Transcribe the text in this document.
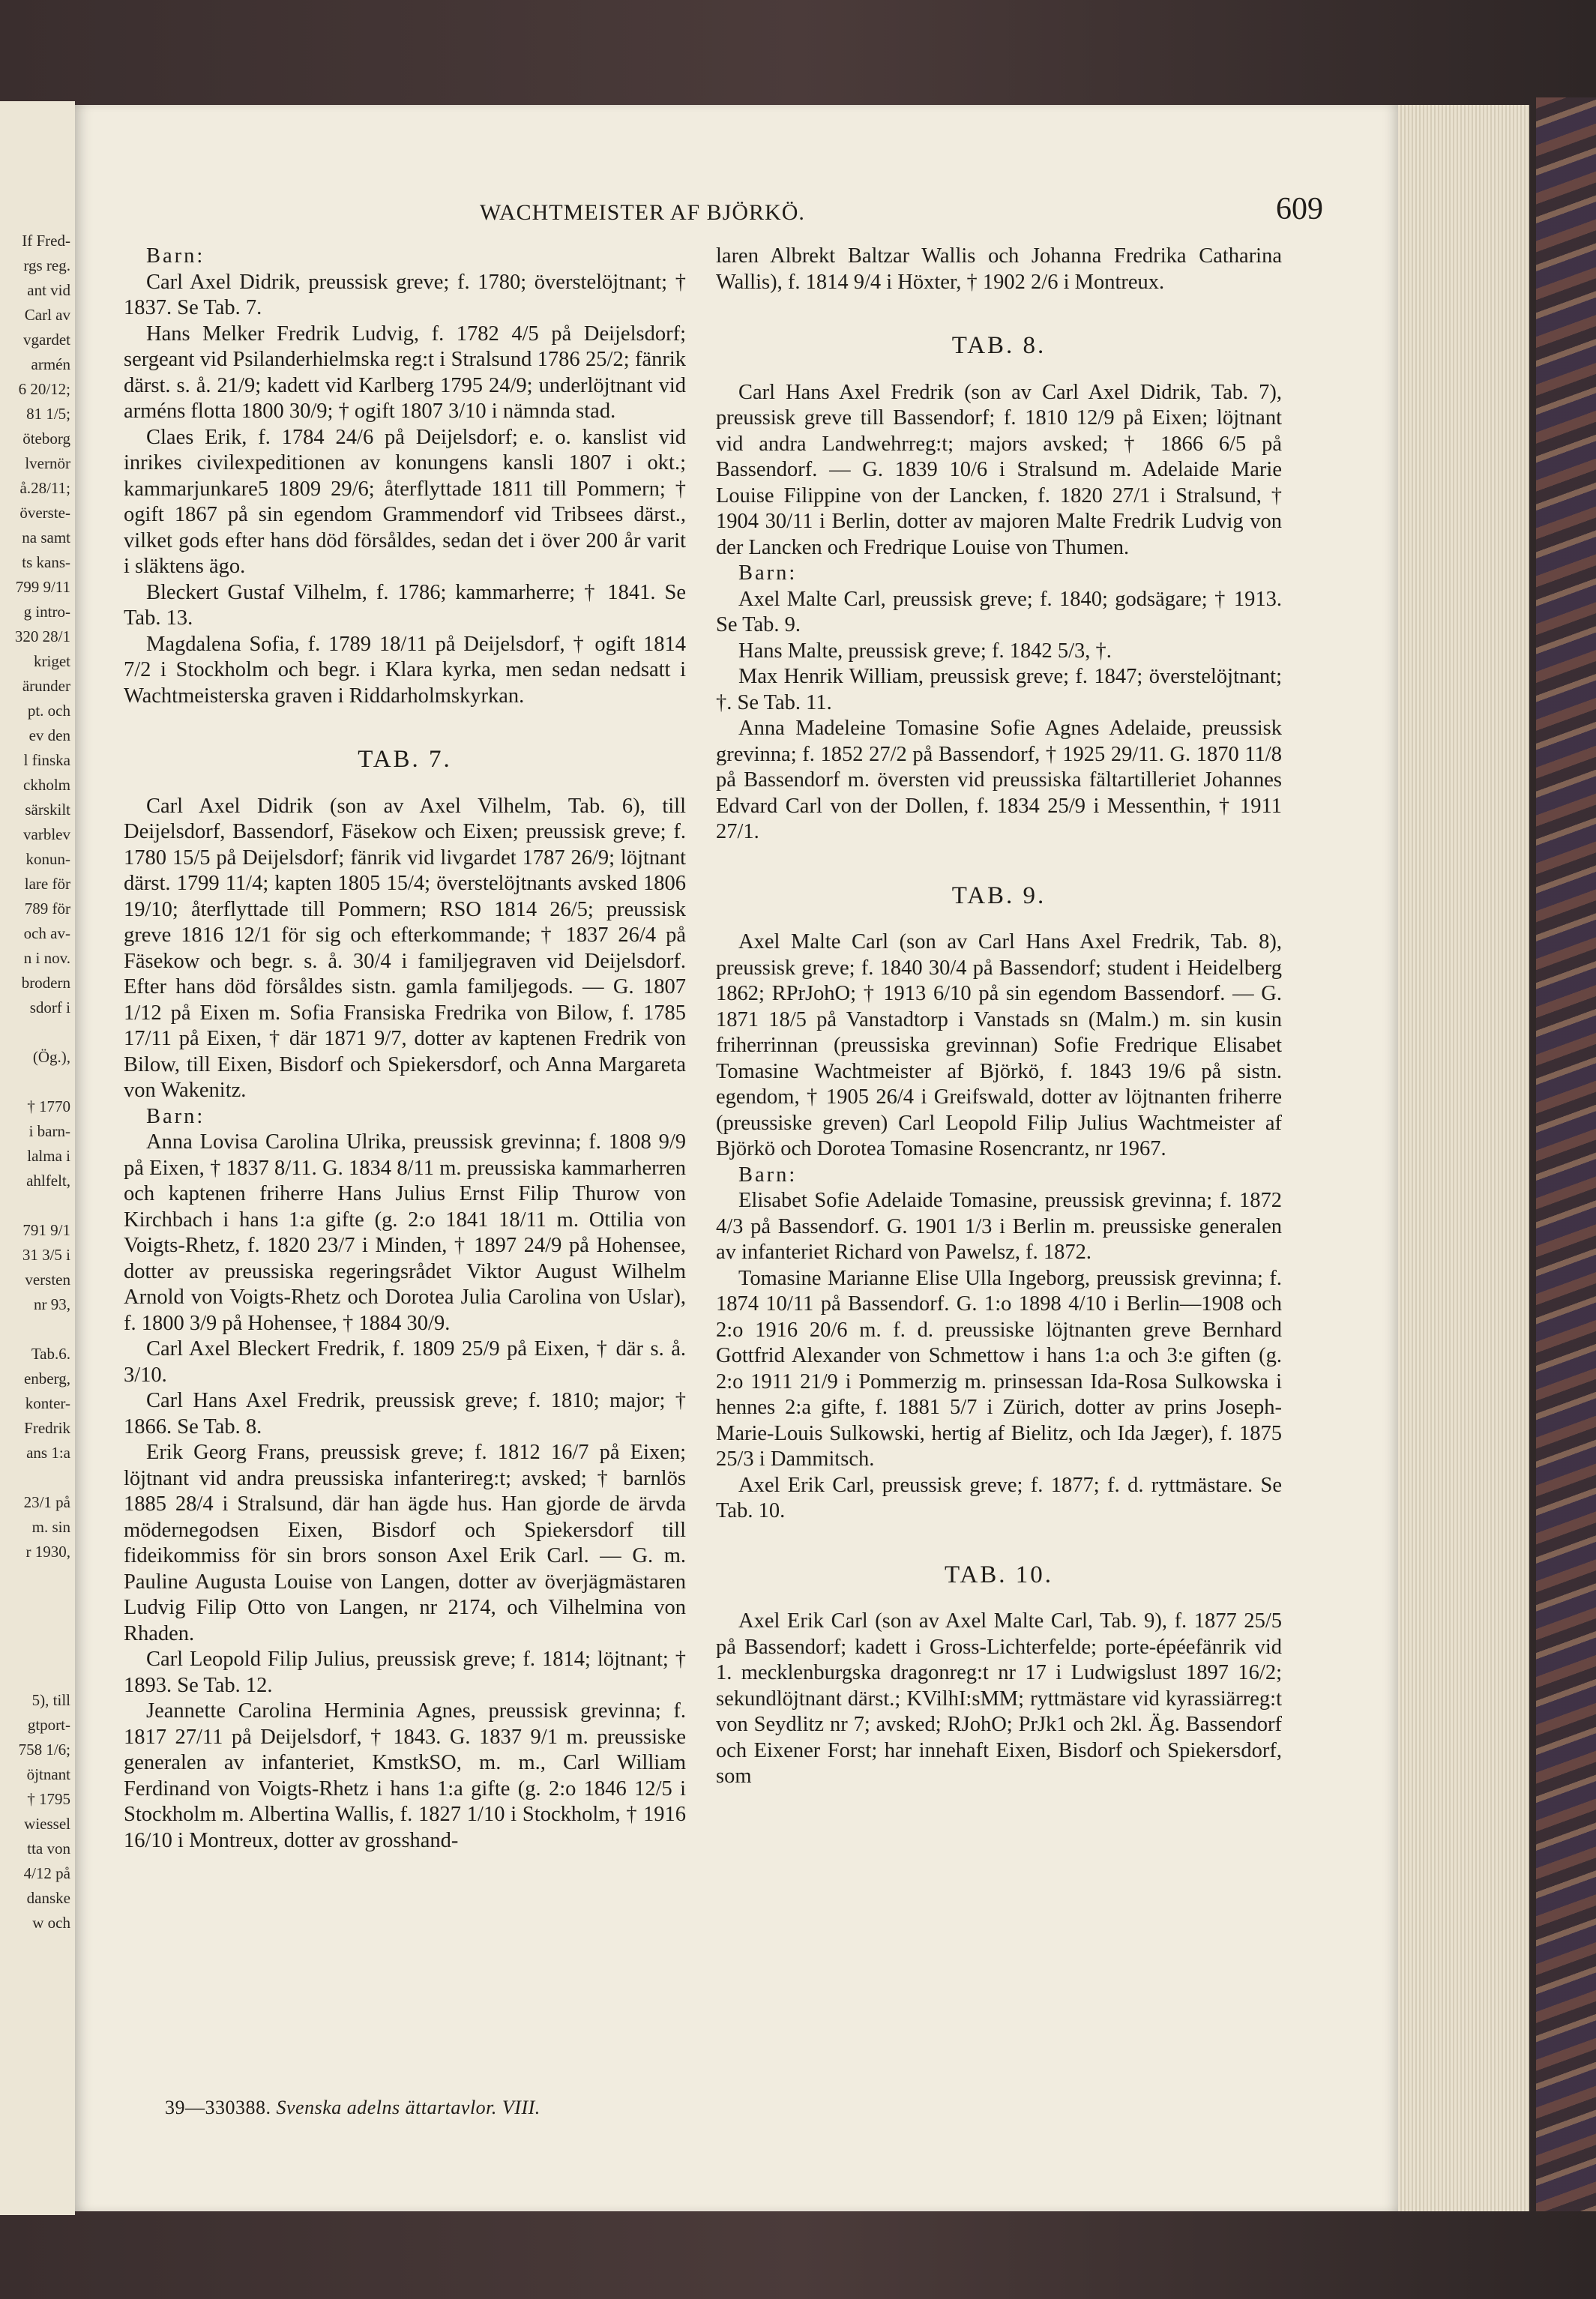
If Fred-
rgs reg.
ant vid
Carl av
vgardet
armén
6 20/12;
81 1/5;
öteborg
lvernör
å.28/11;
överste-
na samt
ts kans-
799 9/11
g intro-
320 28/1
kriget
ärunder
pt. och
ev den
l finska
ckholm
särskilt
varblev
konun-
lare för
789 för
och av-
n i nov.
brodern
sdorf i

(Ög.),

† 1770
i barn-
lalma i
ahlfelt,

791 9/1
31 3/5 i
versten
nr 93,

Tab.6.
enberg,
konter-
Fredrik
ans 1:a

23/1 på
m. sin
r 1930,

5), till
gtport-
758 1/6;
öjtnant
† 1795
wiessel
tta von
4/12 på
danske
w och
WACHTMEISTER AF BJÖRKÖ.	609

Barn:

Carl Axel Didrik, preussisk greve; f. 1780; överstelöjtnant; † 1837. Se Tab. 7.

Hans Melker Fredrik Ludvig, f. 1782 4/5 på Deijelsdorf; sergeant vid Psilanderhielmska reg:t i Stralsund 1786 25/2; fänrik därst. s. å. 21/9; kadett vid Karlberg 1795 24/9; underlöjtnant vid arméns flotta 1800 30/9; † ogift 1807 3/10 i nämnda stad.

Claes Erik, f. 1784 24/6 på Deijelsdorf; e. o. kanslist vid inrikes civilexpeditionen av konungens kansli 1807 i okt.; kammarjunkare5 1809 29/6; återflyttade 1811 till Pommern; † ogift 1867 på sin egendom Grammendorf vid Tribsees därst., vilket gods efter hans död försåldes, sedan det i över 200 år varit i släktens ägo.

Bleckert Gustaf Vilhelm, f. 1786; kammarherre; † 1841. Se Tab. 13.

Magdalena Sofia, f. 1789 18/11 på Deijelsdorf, † ogift 1814 7/2 i Stockholm och begr. i Klara kyrka, men sedan nedsatt i Wachtmeisterska graven i Riddarholmskyrkan.

TAB. 7.

Carl Axel Didrik (son av Axel Vilhelm, Tab. 6), till Deijelsdorf, Bassendorf, Fäsekow och Eixen; preussisk greve; f. 1780 15/5 på Deijelsdorf; fänrik vid livgardet 1787 26/9; löjtnant därst. 1799 11/4; kapten 1805 15/4; överstelöjtnants avsked 1806 19/10; återflyttade till Pommern; RSO 1814 26/5; preussisk greve 1816 12/1 för sig och efterkommande; † 1837 26/4 på Fäsekow och begr. s. å. 30/4 i familjegraven vid Deijelsdorf. Efter hans död försåldes sistn. gamla familjegods. — G. 1807 1/12 på Eixen m. Sofia Fransiska Fredrika von Bilow, f. 1785 17/11 på Eixen, † där 1871 9/7, dotter av kaptenen Fredrik von Bilow, till Eixen, Bisdorf och Spiekersdorf, och Anna Margareta von Wakenitz.

Barn:

Anna Lovisa Carolina Ulrika, preussisk grevinna; f. 1808 9/9 på Eixen, † 1837 8/11. G. 1834 8/11 m. preussiska kammarherren och kaptenen friherre Hans Julius Ernst Filip Thurow von Kirchbach i hans 1:a gifte (g. 2:o 1841 18/11 m. Ottilia von Voigts-Rhetz, f. 1820 23/7 i Minden, † 1897 24/9 på Hohensee, dotter av preussiska regeringsrådet Viktor August Wilhelm Arnold von Voigts-Rhetz och Dorotea Julia Carolina von Uslar), f. 1800 3/9 på Hohensee, † 1884 30/9.

Carl Axel Bleckert Fredrik, f. 1809 25/9 på Eixen, † där s. å. 3/10.

Carl Hans Axel Fredrik, preussisk greve; f. 1810; major; † 1866. Se Tab. 8.

Erik Georg Frans, preussisk greve; f. 1812 16/7 på Eixen; löjtnant vid andra preussiska infanterireg:t; avsked; † barnlös 1885 28/4 i Stralsund, där han ägde hus. Han gjorde de ärvda mödernegodsen Eixen, Bisdorf och Spiekersdorf till fideikommiss för sin brors sonson Axel Erik Carl. — G. m. Pauline Augusta Louise von Langen, dotter av överjägmästaren Ludvig Filip Otto von Langen, nr 2174, och Vilhelmina von Rhaden.

Carl Leopold Filip Julius, preussisk greve; f. 1814; löjtnant; † 1893. Se Tab. 12.

Jeannette Carolina Herminia Agnes, preussisk grevinna; f. 1817 27/11 på Deijelsdorf, † 1843. G. 1837 9/1 m. preussiske generalen av infanteriet, KmstkSO, m. m., Carl William Ferdinand von Voigts-Rhetz i hans 1:a gifte (g. 2:o 1846 12/5 i Stockholm m. Albertina Wallis, f. 1827 1/10 i Stockholm, † 1916 16/10 i Montreux, dotter av grosshand-

laren Albrekt Baltzar Wallis och Johanna Fredrika Catharina Wallis), f. 1814 9/4 i Höxter, † 1902 2/6 i Montreux.

TAB. 8.

Carl Hans Axel Fredrik (son av Carl Axel Didrik, Tab. 7), preussisk greve till Bassendorf; f. 1810 12/9 på Eixen; löjtnant vid andra Landwehrreg:t; majors avsked; † 1866 6/5 på Bassendorf. — G. 1839 10/6 i Stralsund m. Adelaide Marie Louise Filippine von der Lancken, f. 1820 27/1 i Stralsund, † 1904 30/11 i Berlin, dotter av majoren Malte Fredrik Ludvig von der Lancken och Fredrique Louise von Thumen.

Barn:

Axel Malte Carl, preussisk greve; f. 1840; godsägare; † 1913. Se Tab. 9.

Hans Malte, preussisk greve; f. 1842 5/3, †.

Max Henrik William, preussisk greve; f. 1847; överstelöjtnant; †. Se Tab. 11.

Anna Madeleine Tomasine Sofie Agnes Adelaide, preussisk grevinna; f. 1852 27/2 på Bassendorf, † 1925 29/11. G. 1870 11/8 på Bassendorf m. översten vid preussiska fältartilleriet Johannes Edvard Carl von der Dollen, f. 1834 25/9 i Messenthin, † 1911 27/1.

TAB. 9.

Axel Malte Carl (son av Carl Hans Axel Fredrik, Tab. 8), preussisk greve; f. 1840 30/4 på Bassendorf; student i Heidelberg 1862; RPrJohO; † 1913 6/10 på sin egendom Bassendorf. — G. 1871 18/5 på Vanstadtorp i Vanstads sn (Malm.) m. sin kusin friherrinnan (preussiska grevinnan) Sofie Fredrique Elisabet Tomasine Wachtmeister af Björkö, f. 1843 19/6 på sistn. egendom, † 1905 26/4 i Greifswald, dotter av löjtnanten friherre (preussiske greven) Carl Leopold Filip Julius Wachtmeister af Björkö och Dorotea Tomasine Rosencrantz, nr 1967.

Barn:

Elisabet Sofie Adelaide Tomasine, preussisk grevinna; f. 1872 4/3 på Bassendorf. G. 1901 1/3 i Berlin m. preussiske generalen av infanteriet Richard von Pawelsz, f. 1872.

Tomasine Marianne Elise Ulla Ingeborg, preussisk grevinna; f. 1874 10/11 på Bassendorf. G. 1:o 1898 4/10 i Berlin—1908 och 2:o 1916 20/6 m. f. d. preussiske löjtnanten greve Bernhard Gottfrid Alexander von Schmettow i hans 1:a och 3:e giften (g. 2:o 1911 21/9 i Pommerzig m. prinsessan Ida-Rosa Sulkowska i hennes 2:a gifte, f. 1881 5/7 i Zürich, dotter av prins Joseph-Marie-Louis Sulkowski, hertig af Bielitz, och Ida Jæger), f. 1875 25/3 i Dammitsch.

Axel Erik Carl, preussisk greve; f. 1877; f. d. ryttmästare. Se Tab. 10.

TAB. 10.

Axel Erik Carl (son av Axel Malte Carl, Tab. 9), f. 1877 25/5 på Bassendorf; kadett i Gross-Lichterfelde; porte-épéefänrik vid 1. mecklenburgska dragonreg:t nr 17 i Ludwigslust 1897 16/2; sekundlöjtnant därst.; KVilhI:sMM; ryttmästare vid kyrassiärreg:t von Seydlitz nr 7; avsked; RJohO; PrJk1 och 2kl. Äg. Bassendorf och Eixener Forst; har innehaft Eixen, Bisdorf och Spiekersdorf, som

39—330388. Svenska adelns ättartavlor. VIII.
